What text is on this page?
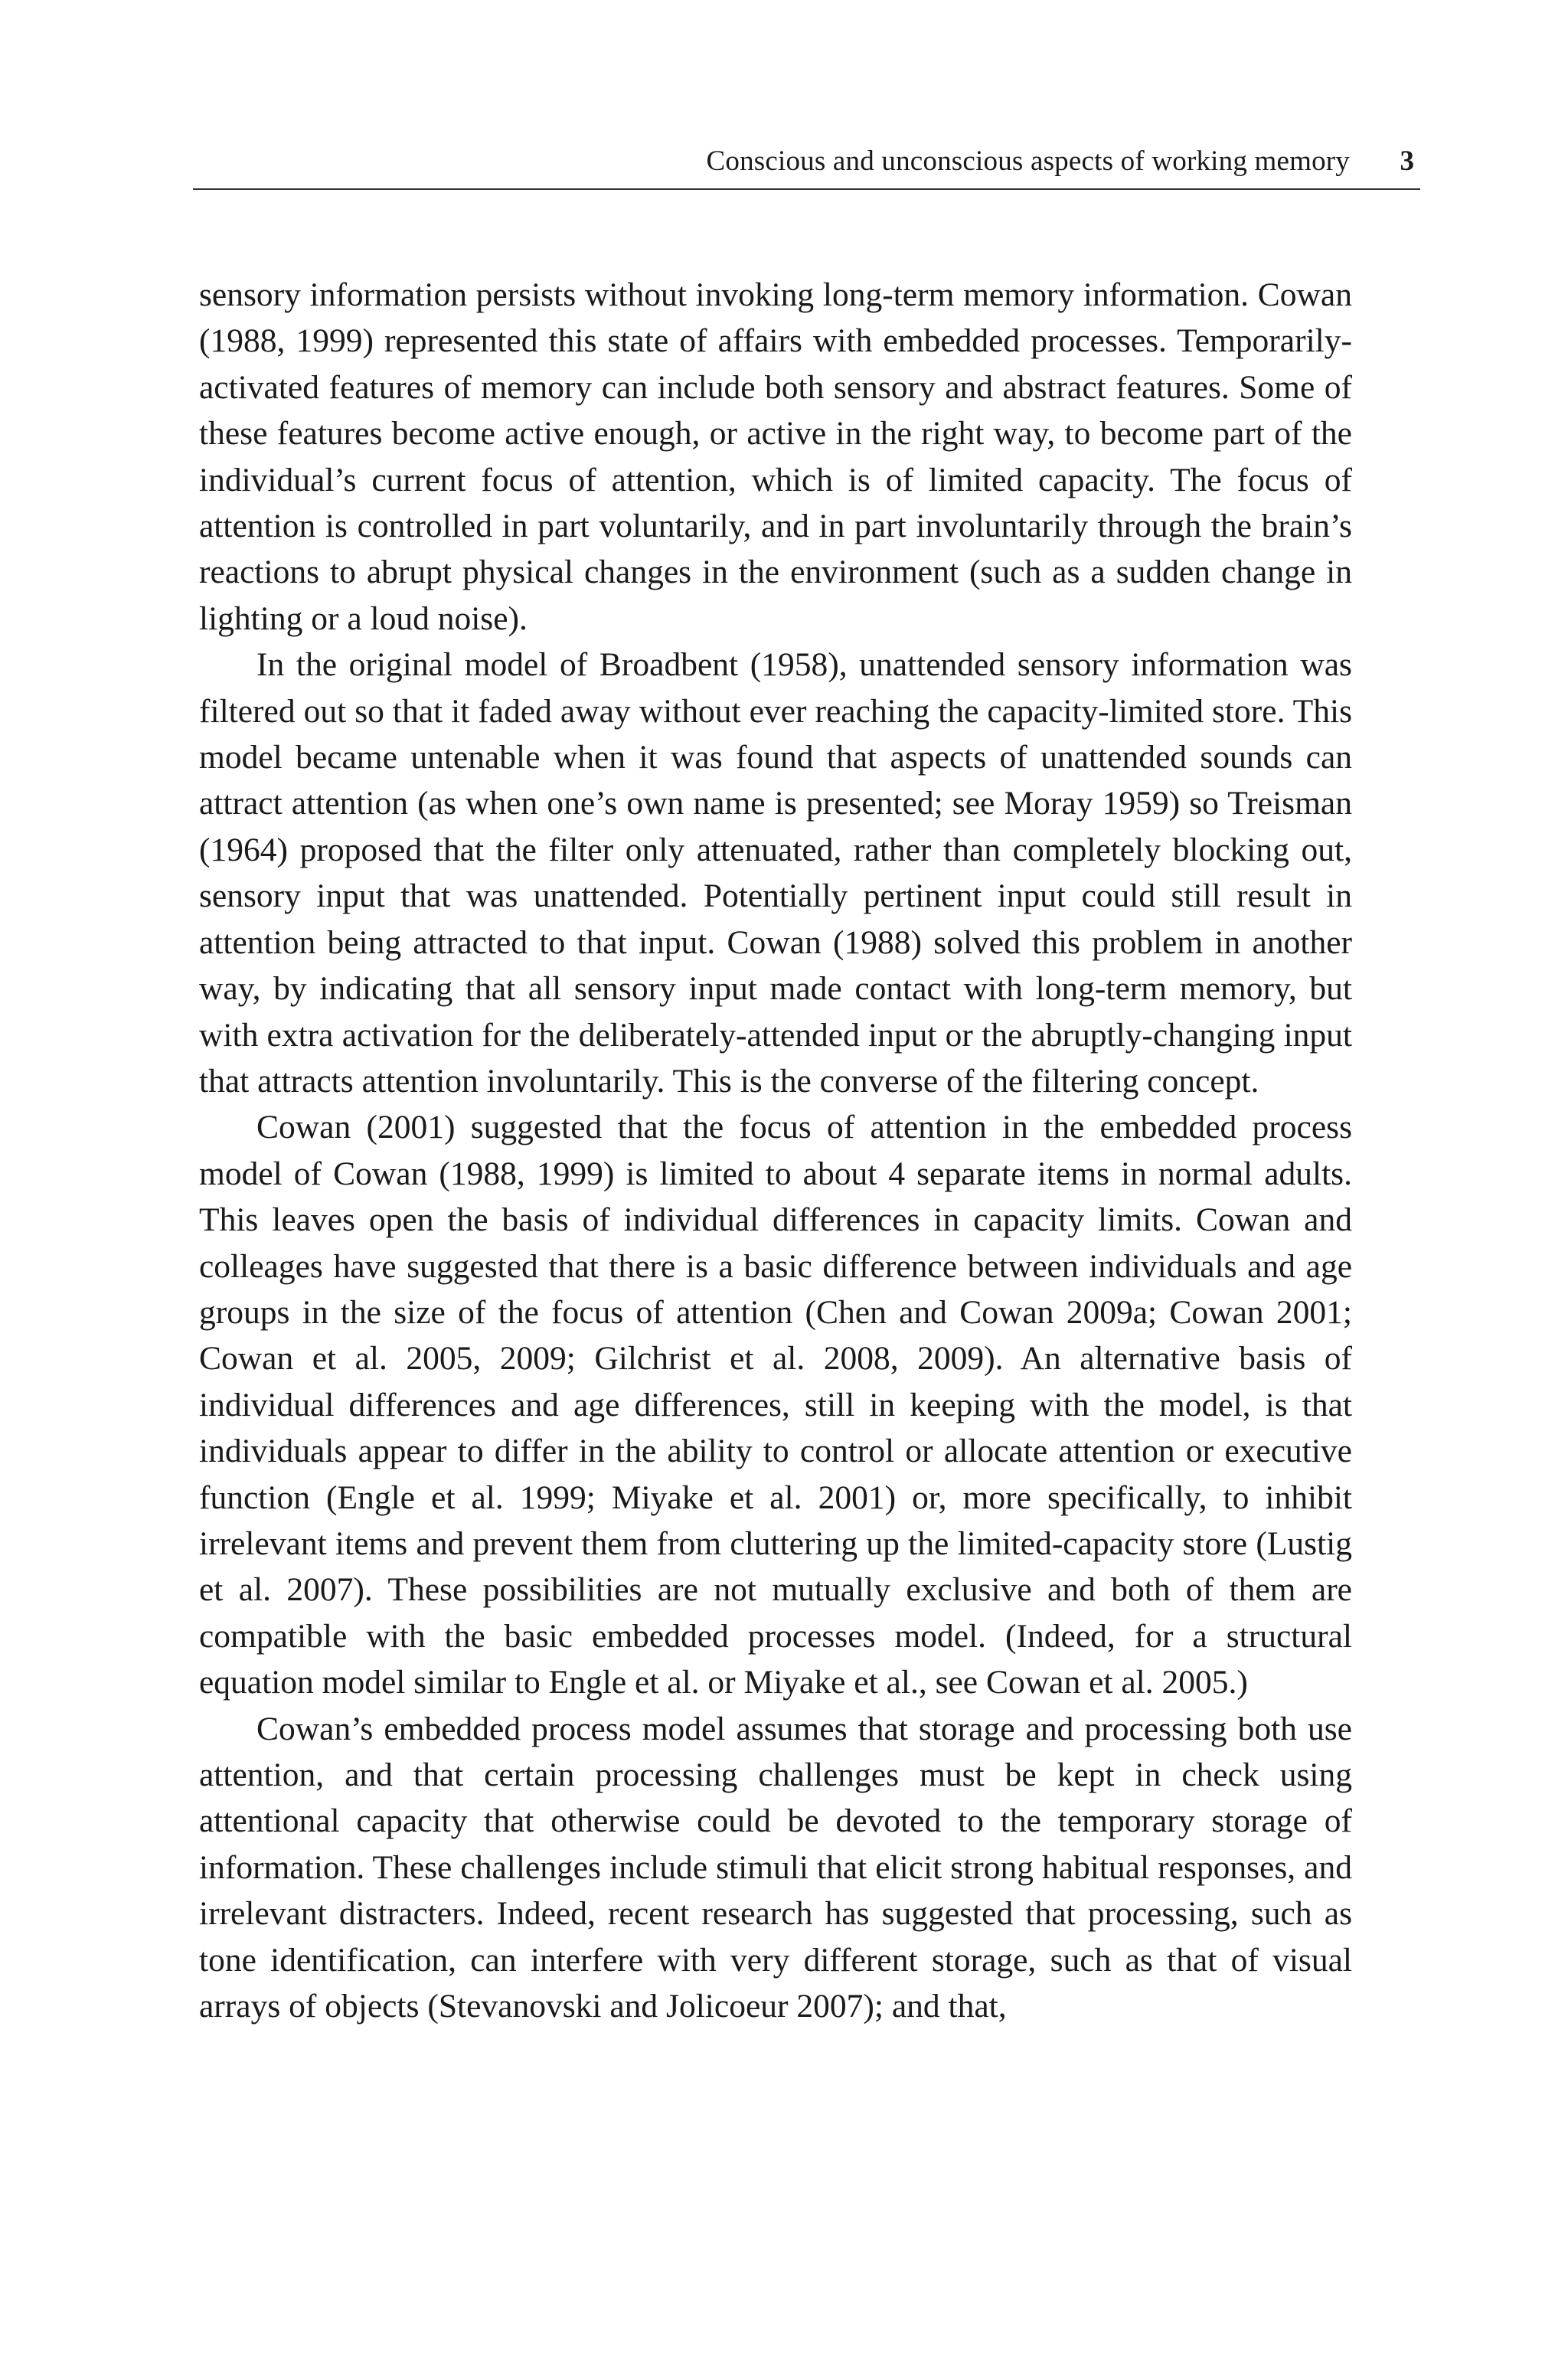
Conscious and unconscious aspects of working memory 3

sensory information persists without invoking long-term memory information. Cowan (1988, 1999) represented this state of affairs with embedded processes. Temporarily-activated features of memory can include both sensory and abstract features. Some of these features become active enough, or active in the right way, to become part of the individual’s current focus of attention, which is of limited capacity. The focus of attention is controlled in part voluntarily, and in part involuntarily through the brain’s reactions to abrupt physical changes in the environment (such as a sudden change in lighting or a loud noise).

In the original model of Broadbent (1958), unattended sensory information was filtered out so that it faded away without ever reaching the capacity-limited store. This model became untenable when it was found that aspects of unattended sounds can attract attention (as when one’s own name is presented; see Moray 1959) so Treisman (1964) proposed that the filter only attenuated, rather than completely blocking out, sensory input that was unattended. Potentially pertinent input could still result in attention being attracted to that input. Cowan (1988) solved this problem in another way, by indicating that all sensory input made contact with long-term memory, but with extra activation for the deliberately-attended input or the abruptly-changing input that attracts attention involuntarily. This is the converse of the filtering concept.

Cowan (2001) suggested that the focus of attention in the embedded process model of Cowan (1988, 1999) is limited to about 4 separate items in normal adults. This leaves open the basis of individual differences in capacity limits. Cowan and colleages have suggested that there is a basic difference between individuals and age groups in the size of the focus of attention (Chen and Cowan 2009a; Cowan 2001; Cowan et al. 2005, 2009; Gilchrist et al. 2008, 2009). An alternative basis of individual differences and age differences, still in keeping with the model, is that individuals appear to differ in the ability to control or allocate attention or executive function (Engle et al. 1999; Miyake et al. 2001) or, more specifically, to inhibit irrelevant items and prevent them from cluttering up the limited-capacity store (Lustig et al. 2007). These possibilities are not mutually exclusive and both of them are compatible with the basic embedded processes model. (Indeed, for a structural equation model similar to Engle et al. or Miyake et al., see Cowan et al. 2005.)

Cowan’s embedded process model assumes that storage and processing both use attention, and that certain processing challenges must be kept in check using attentional capacity that otherwise could be devoted to the temporary storage of information. These challenges include stimuli that elicit strong habitual responses, and irrelevant distracters. Indeed, recent research has suggested that processing, such as tone identification, can interfere with very different storage, such as that of visual arrays of objects (Stevanovski and Jolicoeur 2007); and that,
